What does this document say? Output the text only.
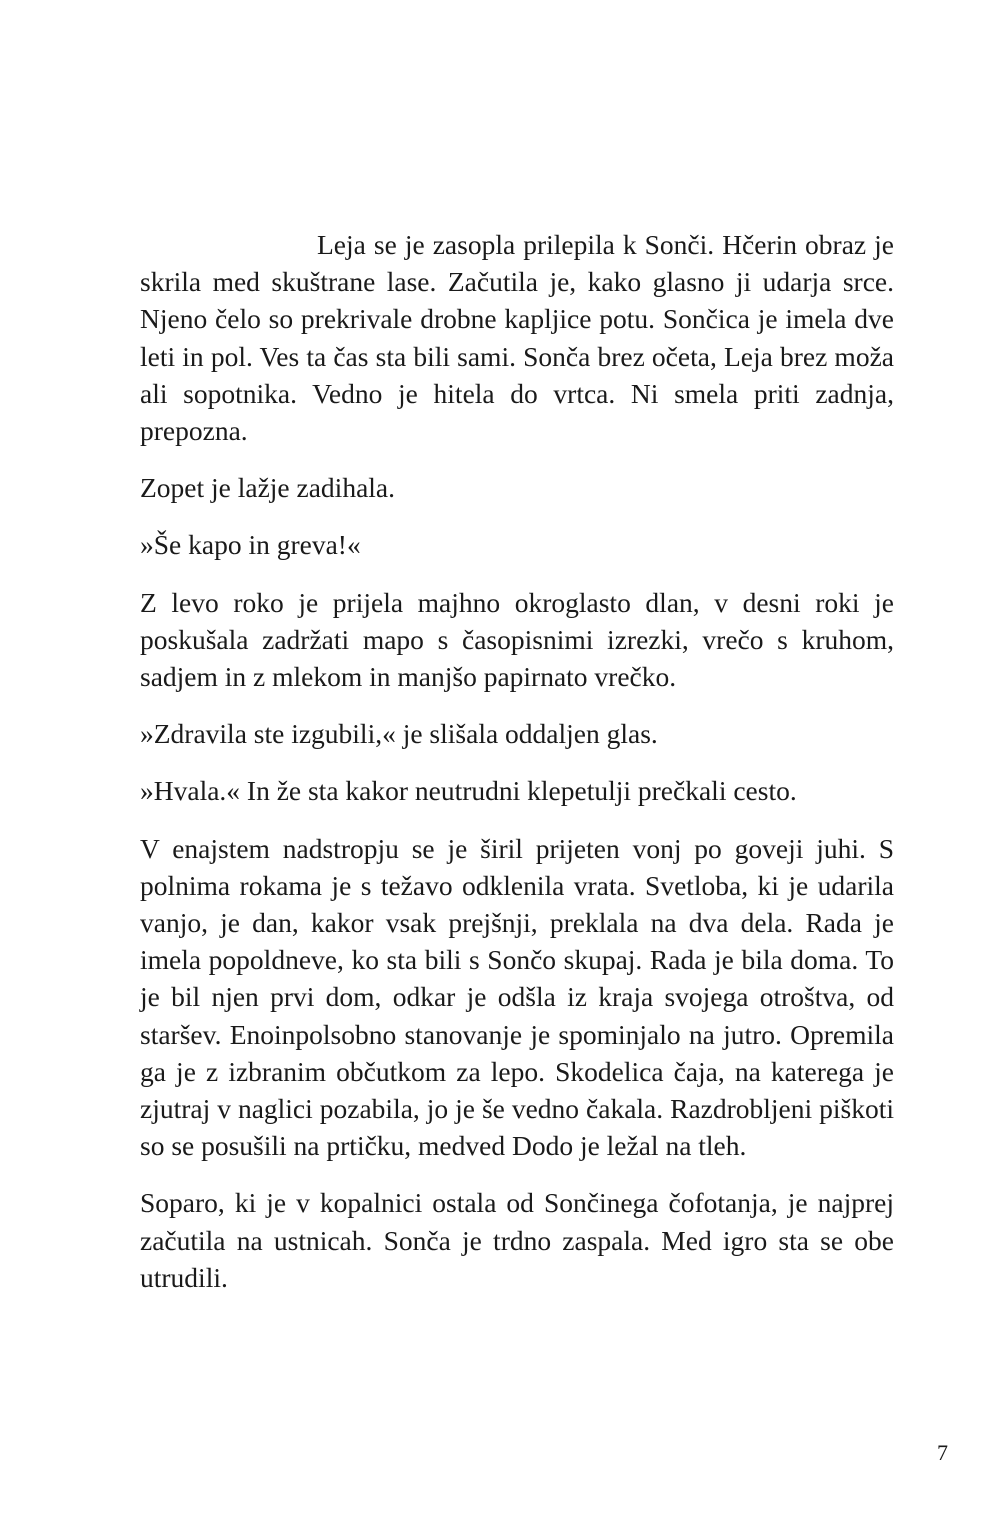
Leja se je zasopla prilepila k Sonči. Hčerin obraz je skrila med skuštrane lase. Začutila je, kako glasno ji udarja srce. Njeno čelo so prekrivale drobne kapljice potu. Sončica je imela dve leti in pol. Ves ta čas sta bili sami. Sonča brez očeta, Leja brez moža ali sopotnika. Vedno je hitela do vrtca. Ni smela priti zadnja, prepozna.

Zopet je lažje zadihala.

»Še kapo in greva!«

Z levo roko je prijela majhno okroglasto dlan, v desni roki je poskušala zadržati mapo s časopisnimi izrezki, vrečo s kruhom, sadjem in z mlekom in manjšo papirnato vrečko.

»Zdravila ste izgubili,« je slišala oddaljen glas.

»Hvala.« In že sta kakor neutrudni klepetulji prečkali cesto.

V enajstem nadstropju se je širil prijeten vonj po goveji juhi. S polnima rokama je s težavo odklenila vrata. Svetloba, ki je udarila vanjo, je dan, kakor vsak prejšnji, preklala na dva dela. Rada je imela popoldneve, ko sta bili s Sončo skupaj. Rada je bila doma. To je bil njen prvi dom, odkar je odšla iz kraja svojega otroštva, od staršev. Enoinpolsobno stanovanje je spominjalo na jutro. Opremila ga je z izbranim občutkom za lepo. Skodelica čaja, na katerega je zjutraj v naglici pozabila, jo je še vedno čakala. Razdrobljeni piškoti so se posušili na prtičku, medved Dodo je ležal na tleh.

Soparo, ki je v kopalnici ostala od Sončinega čofotanja, je najprej začutila na ustnicah. Sonča je trdno zaspala. Med igro sta se obe utrudili.

7
